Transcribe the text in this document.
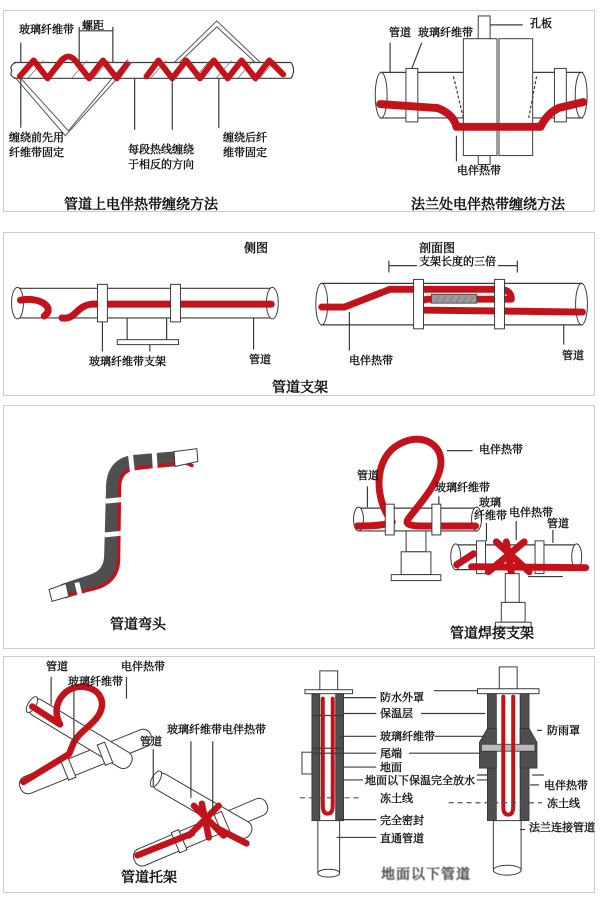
玻璃纤维带 螺距
缠绕前先用
纤维带固定	每段热线缠绕
于相反的方向
缠绕后纤
维带固定
管道上电伴热带缠绕方法
管道 玻璃纤维带
孔板
电伴热带
法兰处电伴热带缠绕方法
侧图	剖面图
支架长度的三倍
玻璃纤维带 支架	管道	电伴热带	管道
管道支架
管道弯头
电伴热带
管道
玻璃纤维带
玻璃
纤维带 电伴热带
管道
管道焊接支架
管道
玻璃纤维带
电伴热带
管道
玻璃纤维带电伴热带
管道托架
防水外罩
保温层
玻璃纤维带
尾端
地面
地面以下保温完全放水
冻土线
完全密封
直通管道
防雨罩
电伴热带
冻土线
法兰连接管道
地面以下管道
